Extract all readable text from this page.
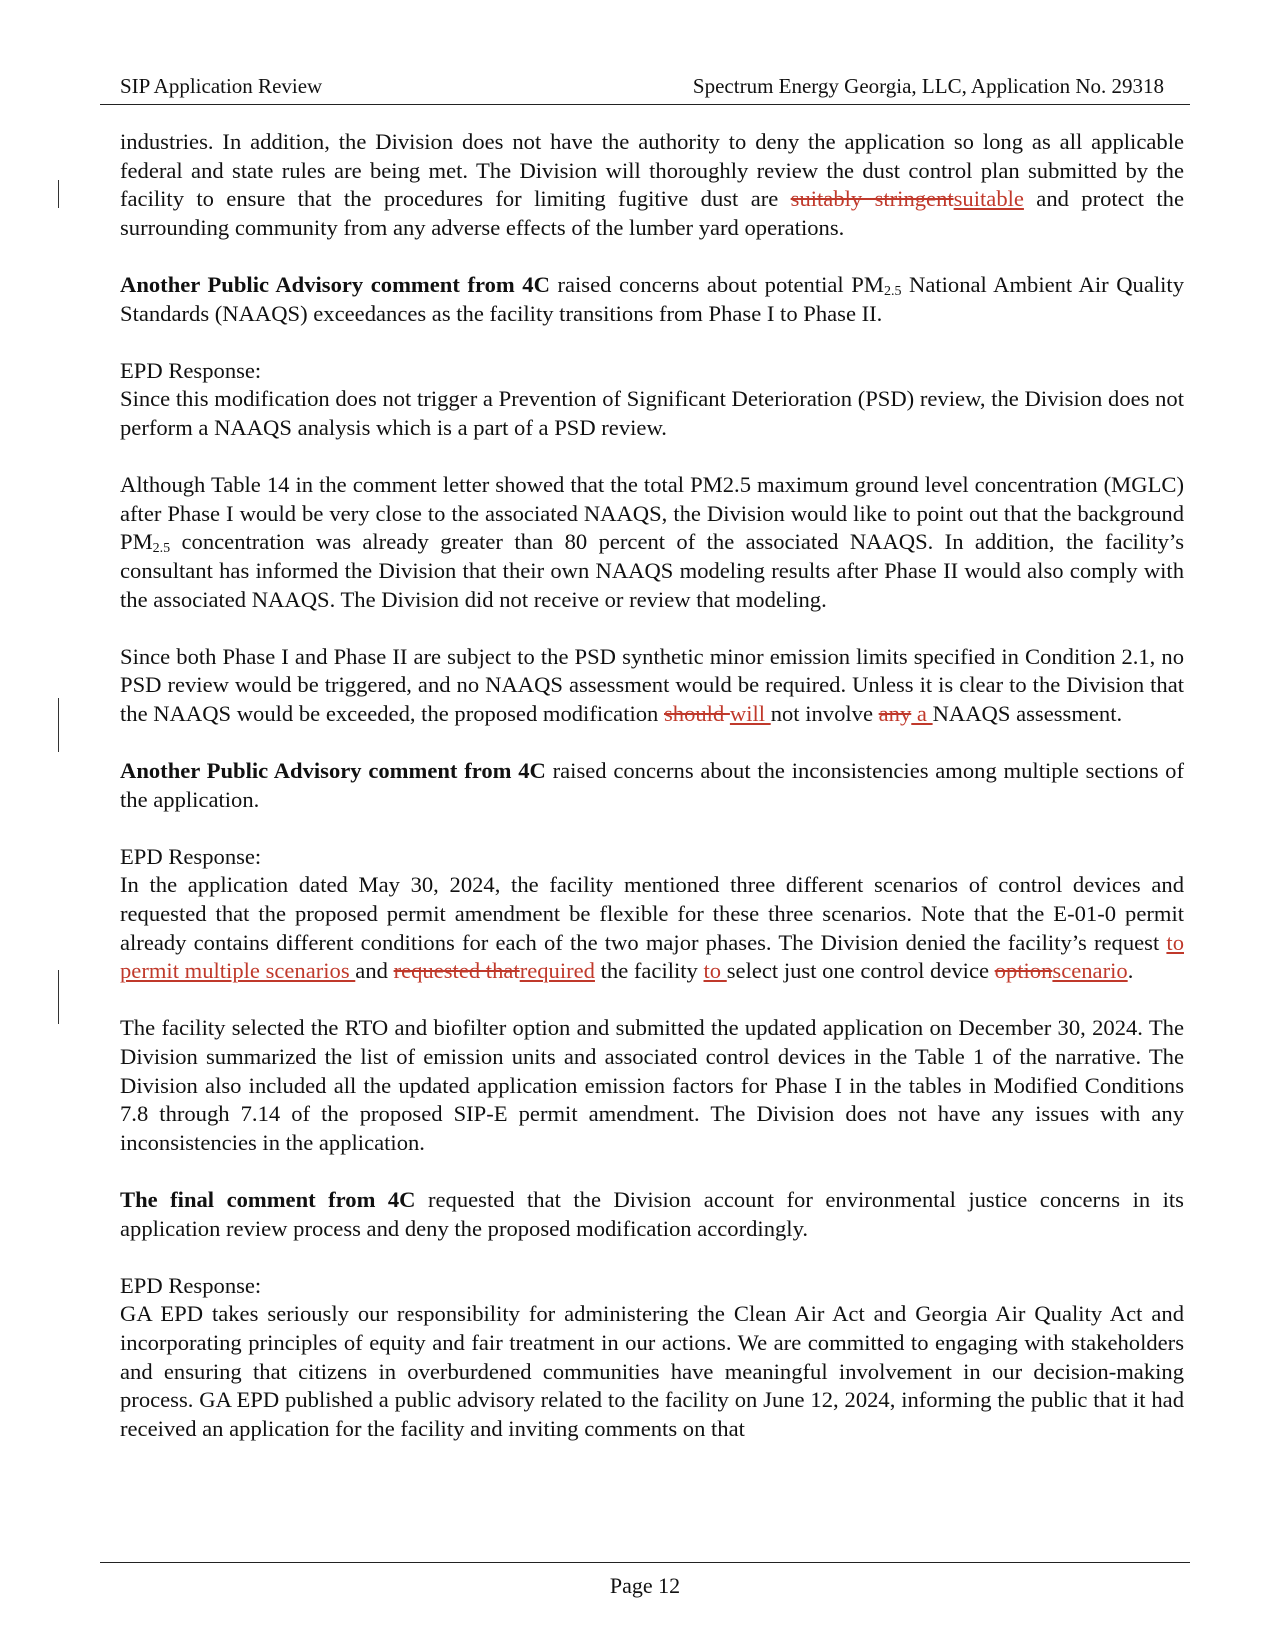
SIP Application Review	Spectrum Energy Georgia, LLC, Application No. 29318

industries. In addition, the Division does not have the authority to deny the application so long as all applicable federal and state rules are being met. The Division will thoroughly review the dust control plan submitted by the facility to ensure that the procedures for limiting fugitive dust are suitably stringentsuitable and protect the surrounding community from any adverse effects of the lumber yard operations.

Another Public Advisory comment from 4C raised concerns about potential $PM_{2.5}$ National Ambient Air Quality Standards (NAAQS) exceedances as the facility transitions from Phase I to Phase II.

EPD Response:

Since this modification does not trigger a Prevention of Significant Deterioration (PSD) review, the Division does not perform a NAAQS analysis which is a part of a PSD review.

Although Table 14 in the comment letter showed that the total PM2.5 maximum ground level concentration (MGLC) after Phase I would be very close to the associated NAAQS, the Division would like to point out that the background $PM_{2.5}$ concentration was already greater than 80 percent of the associated NAAQS. In addition, the facility’s consultant has informed the Division that their own NAAQS modeling results after Phase II would also comply with the associated NAAQS. The Division did not receive or review that modeling.

Since both Phase I and Phase II are subject to the PSD synthetic minor emission limits specified in Condition 2.1, no PSD review would be triggered, and no NAAQS assessment would be required. Unless it is clear to the Division that the NAAQS would be exceeded, the proposed modification should will not involve any a NAAQS assessment.

Another Public Advisory comment from 4C raised concerns about the inconsistencies among multiple sections of the application.

EPD Response:

In the application dated May 30, 2024, the facility mentioned three different scenarios of control devices and requested that the proposed permit amendment be flexible for these three scenarios. Note that the E-01-0 permit already contains different conditions for each of the two major phases. The Division denied the facility’s request to permit multiple scenarios and requested thatrequired the facility to select just one control device optionscenario.

The facility selected the RTO and biofilter option and submitted the updated application on December 30, 2024. The Division summarized the list of emission units and associated control devices in the Table 1 of the narrative. The Division also included all the updated application emission factors for Phase I in the tables in Modified Conditions 7.8 through 7.14 of the proposed SIP-E permit amendment. The Division does not have any issues with any inconsistencies in the application.

The final comment from 4C requested that the Division account for environmental justice concerns in its application review process and deny the proposed modification accordingly.

EPD Response:

GA EPD takes seriously our responsibility for administering the Clean Air Act and Georgia Air Quality Act and incorporating principles of equity and fair treatment in our actions. We are committed to engaging with stakeholders and ensuring that citizens in overburdened communities have meaningful involvement in our decision-making process. GA EPD published a public advisory related to the facility on June 12, 2024, informing the public that it had received an application for the facility and inviting comments on that

Page 12
